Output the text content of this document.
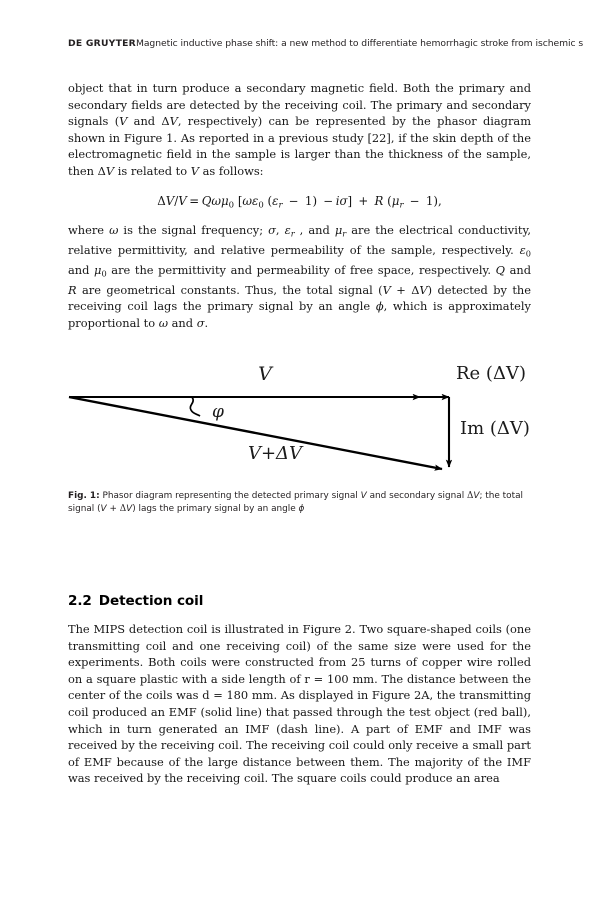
DE GRUYTERMagnetic inductive phase shift: a new method to differentiate hemorrhagic stroke from ischemic s

object that in turn produce a secondary magnetic field. Both the primary and secondary fields are detected by the receiving coil. The primary and secondary signals (V and ΔV, respectively) can be represented by the phasor diagram shown in Figure 1. As reported in a previous study [22], if the skin depth of the electromagnetic field in the sample is larger than the thickness of the sample, then ΔV is related to V as follows:

ΔV/V = Qωμ$_0$ [$\omega\varepsilon_0$ $(\varepsilon_r - 1) - i\sigma] + R$ $(\mu_r - 1)$,

where ω is the signal frequency; σ, $\varepsilon_r$ , and $\mu_r$ are the electrical conductivity, relative permittivity, and relative permeability of the sample, respectively. $\varepsilon_0$ and $\mu_0$ are the permittivity and permeability of free space, respectively. Q and R are geometrical constants. Thus, the total signal (V + ΔV) detected by the receiving coil lags the primary signal by an angle ϕ, which is approximately proportional to ω and σ.

V	Re (ΔV)
Im (ΔV)
V+ΔV
φ
Fig. 1: Phasor diagram representing the detected primary signal V and secondary signal ΔV; the total signal (V + ΔV) lags the primary signal by an angle ϕ
2.2 Detection coil

The MIPS detection coil is illustrated in Figure 2. Two square-shaped coils (one transmitting coil and one receiving coil) of the same size were used for the experiments. Both coils were constructed from 25 turns of copper wire rolled on a square plastic with a side length of r = 100 mm. The distance between the center of the coils was d = 180 mm. As displayed in Figure 2A, the transmitting coil produced an EMF (solid line) that passed through the test object (red ball), which in turn generated an IMF (dash line). A part of EMF and IMF was received by the receiving coil. The receiving coil could only receive a small part of EMF because of the large distance between them. The majority of the IMF was received by the receiving coil. The square coils could produce an area
